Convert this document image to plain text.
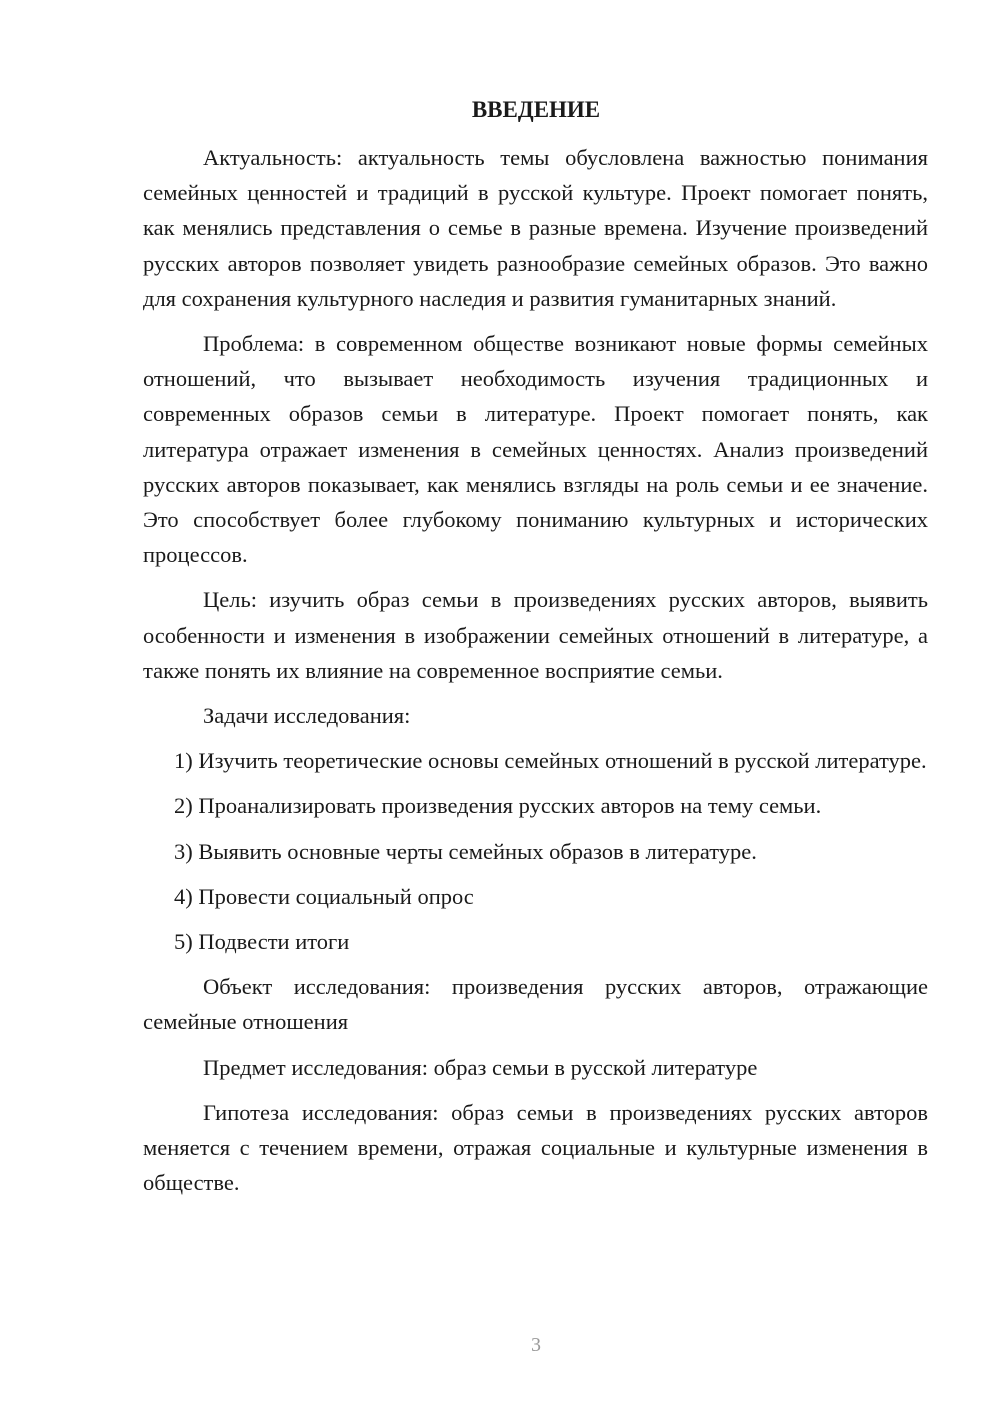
ВВЕДЕНИЕ

Актуальность: актуальность темы обусловлена важностью понимания семейных ценностей и традиций в русской культуре. Проект помогает понять, как менялись представления о семье в разные времена. Изучение произведений русских авторов позволяет увидеть разнообразие семейных образов. Это важно для сохранения культурного наследия и развития гуманитарных знаний.

Проблема: в современном обществе возникают новые формы семейных отношений, что вызывает необходимость изучения традиционных и современных образов семьи в литературе. Проект помогает понять, как литература отражает изменения в семейных ценностях. Анализ произведений русских авторов показывает, как менялись взгляды на роль семьи и ее значение. Это способствует более глубокому пониманию культурных и исторических процессов.

Цель: изучить образ семьи в произведениях русских авторов, выявить особенности и изменения в изображении семейных отношений в литературе, а также понять их влияние на современное восприятие семьи.

Задачи исследования:

1) Изучить теоретические основы семейных отношений в русской литературе.

2) Проанализировать произведения русских авторов на тему семьи.

3) Выявить основные черты семейных образов в литературе.

4) Провести социальный опрос

5) Подвести итоги

Объект исследования: произведения русских авторов, отражающие семейные отношения

Предмет исследования: образ семьи в русской литературе

Гипотеза исследования: образ семьи в произведениях русских авторов меняется с течением времени, отражая социальные и культурные изменения в обществе.

3
